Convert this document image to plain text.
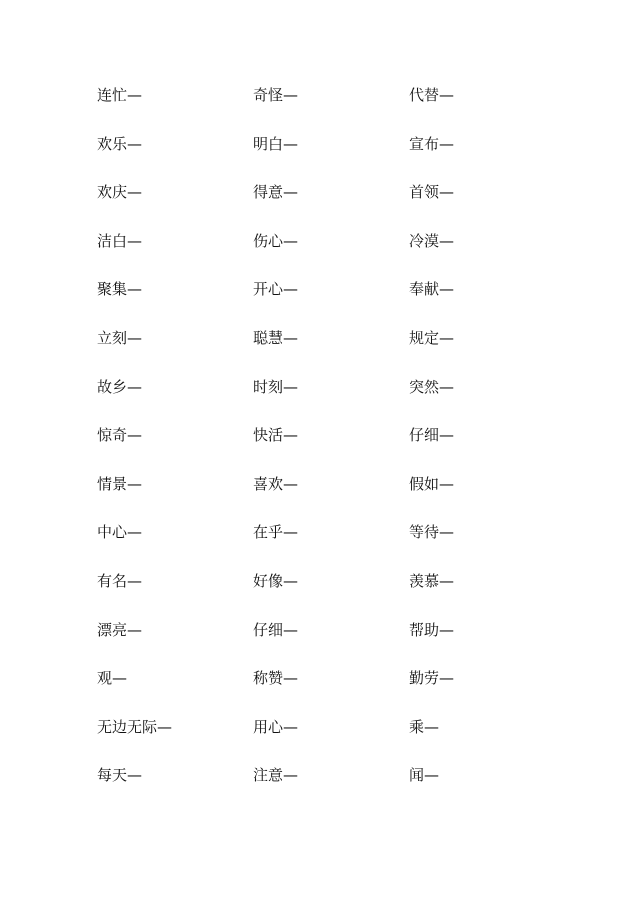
连忙—	奇怪—	代替—
欢乐—	明白—	宣布—
欢庆—	得意—	首领—
洁白—	伤心—	冷漠—
聚集—	开心—	奉献—
立刻—	聪慧—	规定—
故乡—	时刻—	突然—
惊奇—	快活—	仔细—
情景—	喜欢—	假如—
中心—	在乎—	等待—
有名—	好像—	羡慕—
漂亮—	仔细—	帮助—
观—	称赞—	勤劳—
无边无际—	用心—	乘—
每天—	注意—	闻—
